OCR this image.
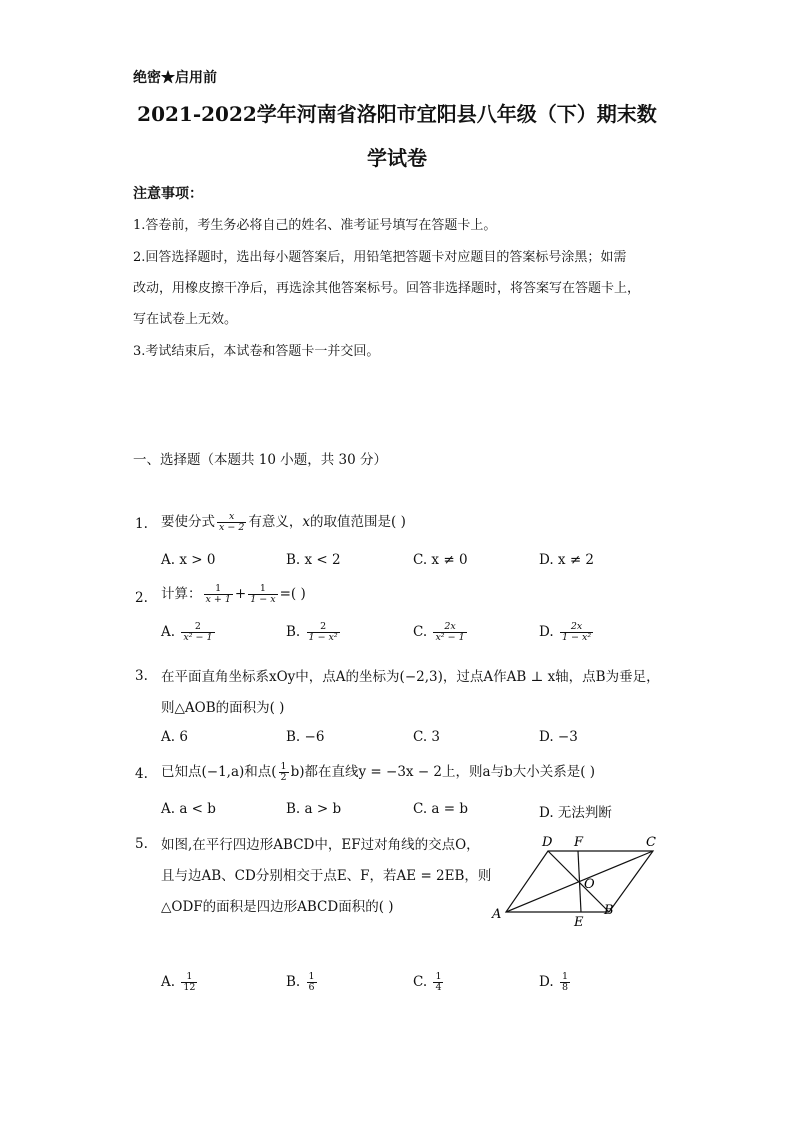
绝密★启用前
2021-2022学年河南省洛阳市宜阳县八年级（下）期末数
学试卷
注意事项：
1.答卷前，考生务必将自己的姓名、准考证号填写在答题卡上。
2.回答选择题时，选出每小题答案后，用铅笔把答题卡对应题目的答案标号涂黑；如需
改动，用橡皮擦干净后，再选涂其他答案标号。回答非选择题时，将答案写在答题卡上，
写在试卷上无效。
3.考试结束后，本试卷和答题卡一并交回。
一、选择题（本题共 10 小题，共 30 分）
1. 要使分式 $\frac{x}{x - 2}$ 有意义，x的取值范围是( )
A. x > 0	B. x < 2	C. x ≠ 0	D. x ≠ 2
2. 计算： $\frac{1}{x + 1} + \frac{1}{1 - x}$ =( )
A. $\frac{2}{\text{x² − 1}}$	B. $\frac{2}{\text{1 − x²}}$	C. $\frac{2x}{\text{x² − 1}}$	D. $\frac{2x}{\text{1 − x²}}$
3. 在平面直角坐标系xOy中，点A的坐标为(−2,3)，过点A作AB ⊥ x轴，点B为垂足，
则△AOB的面积为( )
A. 6	B. −6	C. 3	D. −3
4. 已知点(−1,a)和点( $\frac{1}{2} b$)都在直线y = −3x − 2上，则a与b大小关系是( )
A. a < b	B. a > b	C. a = b	D. 无法判断
5. 如图,在平行四边形ABCD中，EF过对角线的交点O，
且与边AB、CD分别相交于点E、F，若AE = 2EB，则
△ODF的面积是四边形ABCD面积的( )	A	B
C
D
E
F
O
A. $\frac{1}{12}$	B. $\frac{1}{6}$	C. $\frac{1}{4}$	D. $\frac{1}{8}$
